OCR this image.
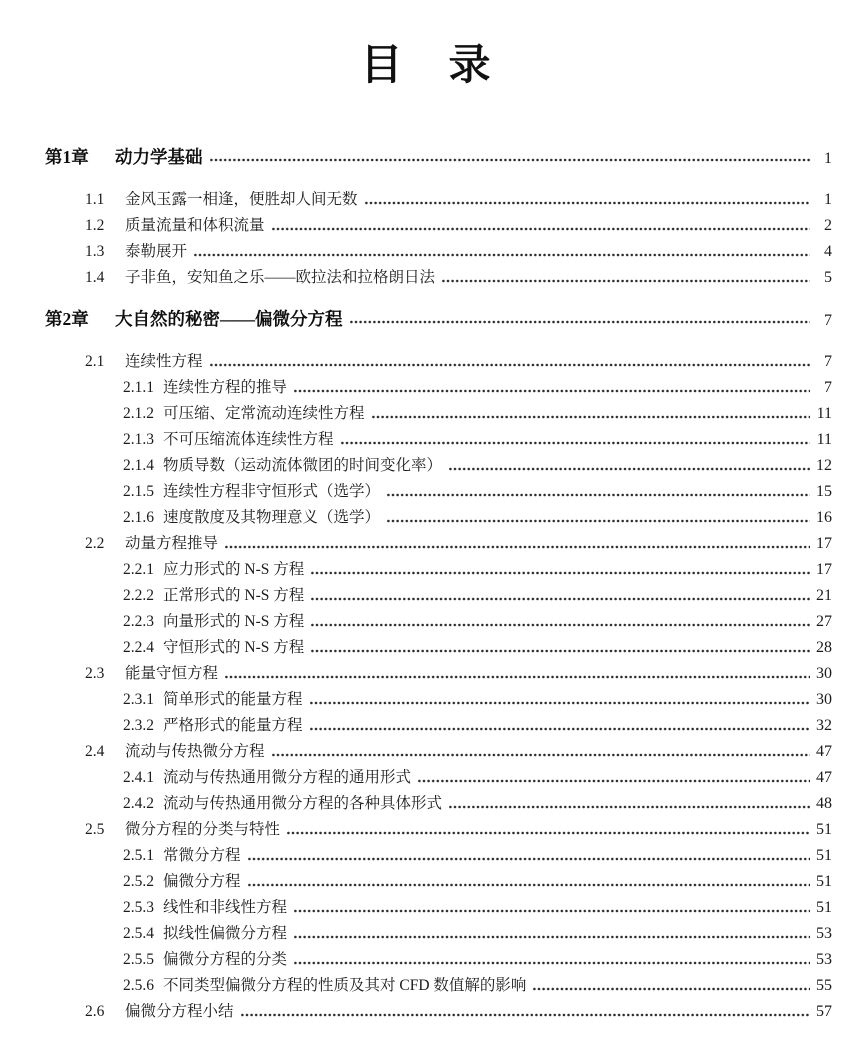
目　录
第1章	动力学基础	1
1.1	金风玉露一相逢，便胜却人间无数	1
1.2	质量流量和体积流量	2
1.3	泰勒展开	4
1.4	子非鱼，安知鱼之乐——欧拉法和拉格朗日法	5
第2章	大自然的秘密——偏微分方程	7
2.1	连续性方程	7
2.1.1 连续性方程的推导	7
2.1.2 可压缩、定常流动连续性方程	11
2.1.3 不可压缩流体连续性方程	11
2.1.4 物质导数（运动流体微团的时间变化率）	12
2.1.5 连续性方程非守恒形式（选学）	15
2.1.6 速度散度及其物理意义（选学）	16
2.2	动量方程推导	17
2.2.1 应力形式的 N-S 方程	17
2.2.2 正常形式的 N-S 方程	21
2.2.3 向量形式的 N-S 方程	27
2.2.4 守恒形式的 N-S 方程	28
2.3	能量守恒方程	30
2.3.1 简单形式的能量方程	30
2.3.2 严格形式的能量方程	32
2.4	流动与传热微分方程	47
2.4.1 流动与传热通用微分方程的通用形式	47
2.4.2 流动与传热通用微分方程的各种具体形式	48
2.5	微分方程的分类与特性	51
2.5.1 常微分方程	51
2.5.2 偏微分方程	51
2.5.3 线性和非线性方程	51
2.5.4 拟线性偏微分方程	53
2.5.5 偏微分方程的分类	53
2.5.6 不同类型偏微分方程的性质及其对 CFD 数值解的影响	55
2.6	偏微分方程小结	57
